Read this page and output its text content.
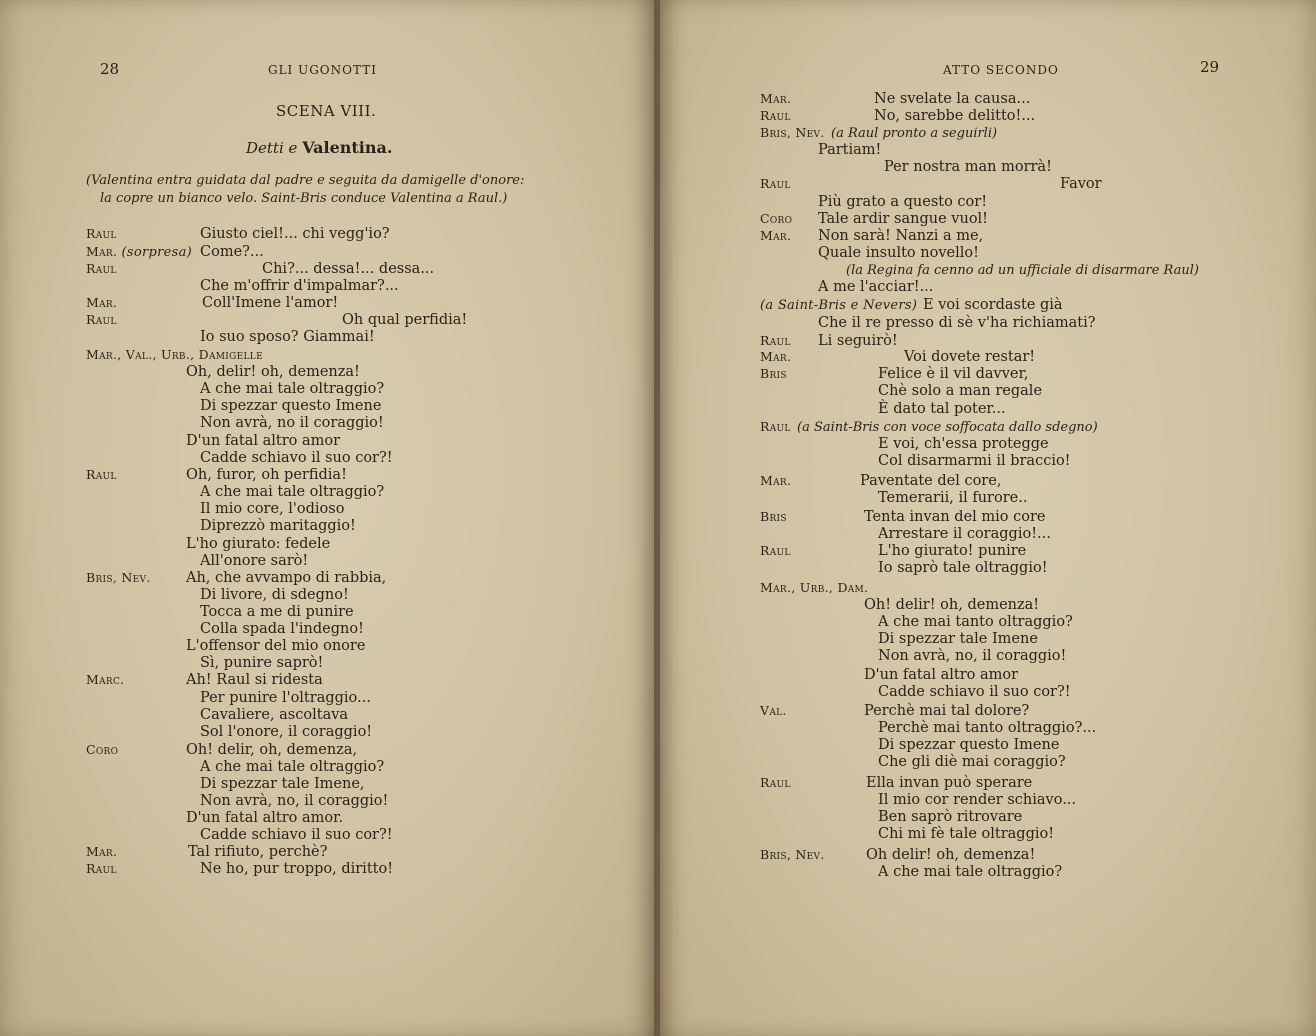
28	GLI UGONOTTI
SCENA VIII.
Detti e Valentina.
(Valentina entra guidata dal padre e seguita da damigelle d'onore:
la copre un bianco velo. Saint-Bris conduce Valentina a Raul.)
Raul	Giusto ciel!... chi vegg'io?
Mar. (sorpresa) Come?...
Raul	Chi?... dessa!... dessa...
Che m'offrir d'impalmar?...
Mar.	Coll'Imene l'amor!
Raul	Oh qual perfidia!
Io suo sposo? Giammai!
Mar., Val., Urb., Damigelle
Oh, delir! oh, demenza!
A che mai tale oltraggio?
Di spezzar questo Imene
Non avrà, no il coraggio!
D'un fatal altro amor
Cadde schiavo il suo cor?!
Raul	Oh, furor, oh perfidia!
A che mai tale oltraggio?
Il mio core, l'odioso
Diprezzò maritaggio!
L'ho giurato: fedele
All'onore sarò!
Bris, Nev. Ah, che avvampo di rabbia,
Di livore, di sdegno!
Tocca a me di punire
Colla spada l'indegno!
L'offensor del mio onore
Sì, punire saprò!
Marc.	Ah! Raul si ridesta
Per punire l'oltraggio...
Cavaliere, ascoltava
Sol l'onore, il coraggio!
Coro	Oh! delir, oh, demenza,
A che mai tale oltraggio?
Di spezzar tale Imene,
Non avrà, no, il coraggio!
D'un fatal altro amor.
Cadde schiavo il suo cor?!
Mar.	Tal rifiuto, perchè?
Raul	Ne ho, pur troppo, diritto!
ATTO SECONDO	29
Mar.	Ne svelate la causa...
Raul	No, sarebbe delitto!...
Bris, Nev. (a Raul pronto a seguirli)
Partiam!
Per nostra man morrà!
Raul	Favor
Più grato a questo cor!
Coro Tale ardir sangue vuol!
Mar. Non sarà! Nanzi a me,
Quale insulto novello!
(la Regina fa cenno ad un ufficiale di disarmare Raul)
A me l'acciar!...
(a Saint-Bris e Nevers) E voi scordaste già
Che il re presso di sè v'ha richiamati?
Raul Li seguirò!
Mar.	Voi dovete restar!
Bris	Felice è il vil davver,
Chè solo a man regale
È dato tal poter...
Raul (a Saint-Bris con voce soffocata dallo sdegno)
E voi, ch'essa protegge
Col disarmarmi il braccio!
Mar.	Paventate del core,
Temerarii, il furore..
Bris	Tenta invan del mio core
Arrestare il coraggio!...
Raul	L'ho giurato! punire
Io saprò tale oltraggio!
Mar., Urb., Dam.
Oh! delir! oh, demenza!
A che mai tanto oltraggio?
Di spezzar tale Imene
Non avrà, no, il coraggio!
D'un fatal altro amor
Cadde schiavo il suo cor?!
Val.	Perchè mai tal dolore?
Perchè mai tanto oltraggio?...
Di spezzar questo Imene
Che gli diè mai coraggio?
Raul	Ella invan può sperare
Il mio cor render schiavo...
Ben saprò ritrovare
Chi mi fè tale oltraggio!
Bris, Nev.	Oh delir! oh, demenza!
A che mai tale oltraggio?
